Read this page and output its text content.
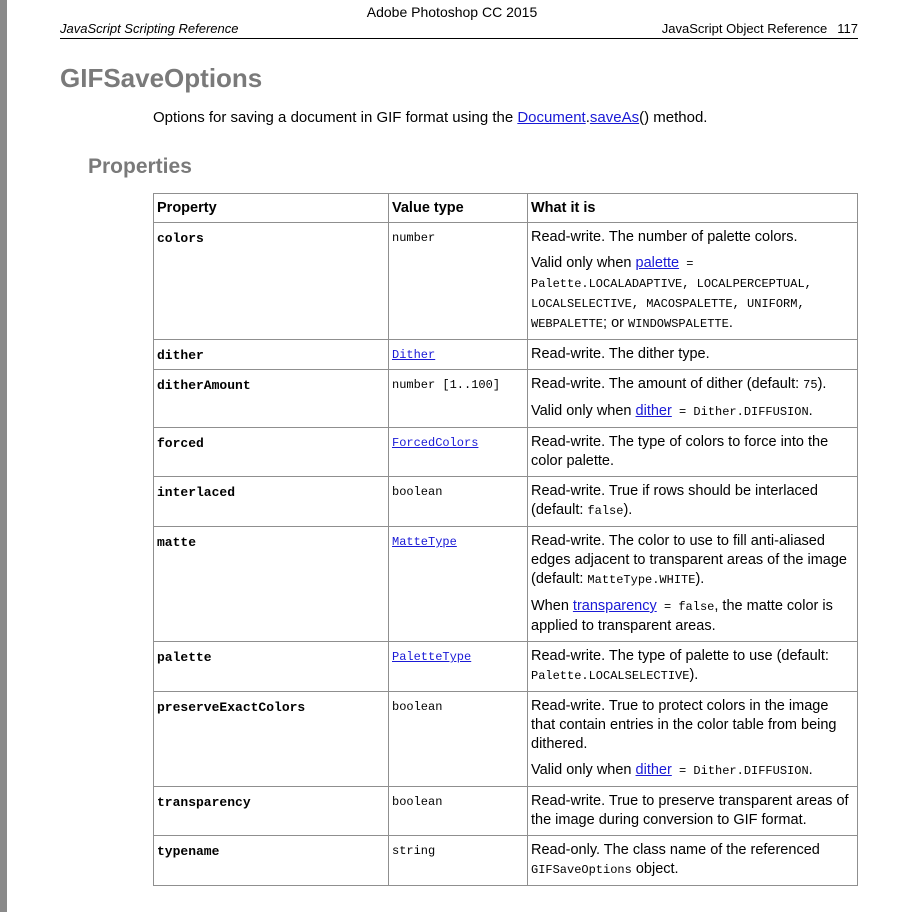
Adobe Photoshop CC 2015
JavaScript Scripting Reference	JavaScript Object Reference 117
GIFSaveOptions
Options for saving a document in GIF format using the Document.saveAs() method.
Properties
Property	Value type	What it is
colors	number	Read-write. The number of palette colors.
Valid only when palette = Palette.LOCALADAPTIVE, LOCALPERCEPTUAL, LOCALSELECTIVE, MACOSPALETTE, UNIFORM, WEBPALETTE; or WINDOWSPALETTE.

dither	Dither	Read-write. The dither type.
ditherAmount	number [1..100]	Read-write. The amount of dither (default: 75).
Valid only when dither = Dither.DIFFUSION.

forced	ForcedColors	Read-write. The type of colors to force into the color palette.
interlaced	boolean	Read-write. True if rows should be interlaced (default: false).
matte	MatteType	Read-write. The color to use to fill anti-aliased edges adjacent to transparent areas of the image (default: MatteType.WHITE).
When transparency = false, the matte color is applied to transparent areas.

palette	PaletteType	Read-write. The type of palette to use (default: Palette.LOCALSELECTIVE).
preserveExactColors	boolean	Read-write. True to protect colors in the image that contain entries in the color table from being dithered.
Valid only when dither = Dither.DIFFUSION.

transparency	boolean	Read-write. True to preserve transparent areas of the image during conversion to GIF format.
typename	string	Read-only. The class name of the referenced GIFSaveOptions object.
